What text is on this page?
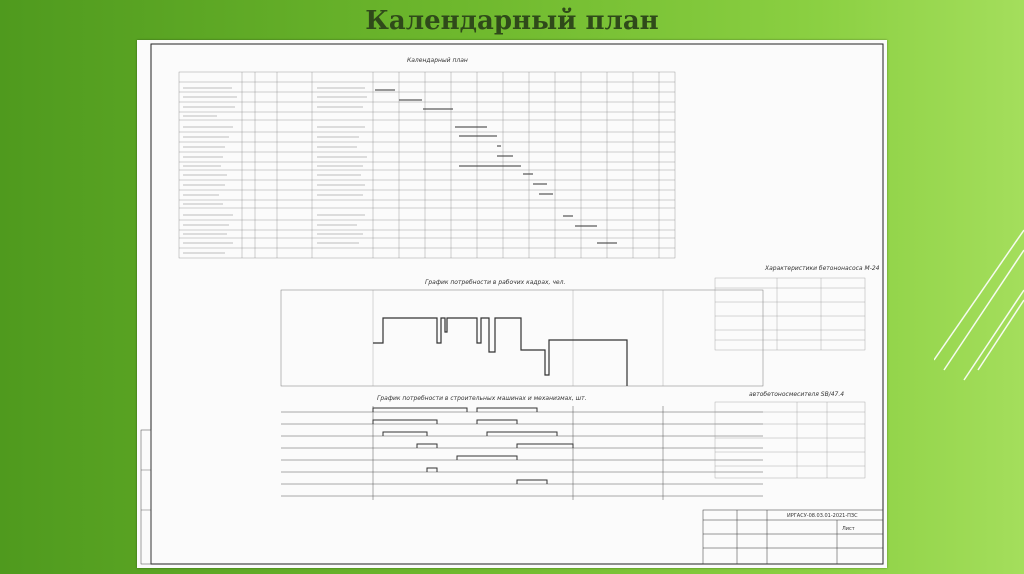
Календарный план
Календарный план
График потребности в рабочих кадрах, чел.
График потребности в строительных машинах и механизмах, шт.
Характеристики бетононасоса М-24
автобетоносмесителя SB/47.4
ИРГАСУ-08.03.01-2021-ПЗС
Лист
